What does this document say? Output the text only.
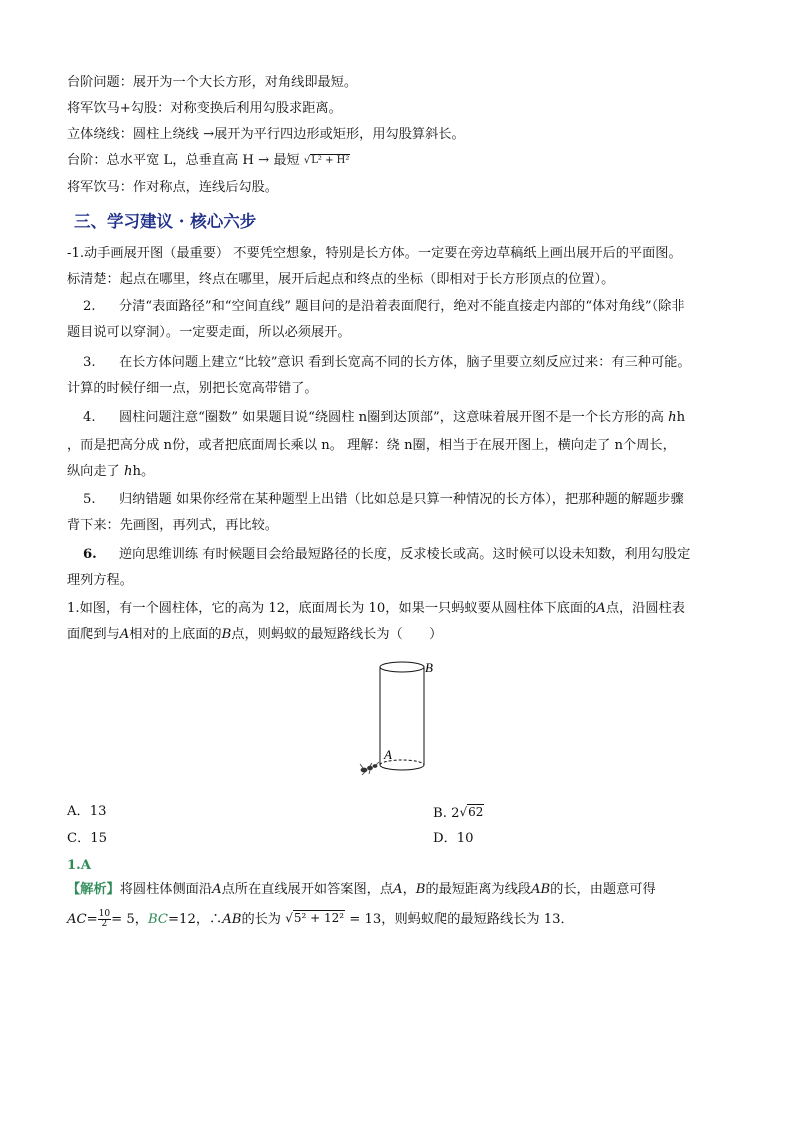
台阶问题：展开为一个大长方形，对角线即最短。
将军饮马+勾股：对称变换后利用勾股求距离。
立体绕线：圆柱上绕线 →展开为平行四边形或矩形，用勾股算斜长。
台阶：总水平宽 L，总垂直高 H → 最短 √L² + H²
将军饮马：作对称点，连线后勾股。
三、学习建议 · 核心六步
-1.动手画展开图（最重要） 不要凭空想象，特别是长方体。一定要在旁边草稿纸上画出展开后的平面图。
标清楚：起点在哪里，终点在哪里，展开后起点和终点的坐标（即相对于长方形顶点的位置）。
2. 分清“表面路径”和“空间直线” 题目问的是沿着表面爬行，绝对不能直接走内部的“体对角线”（除非
题目说可以穿洞）。一定要走面，所以必须展开。
3. 在长方体问题上建立“比较”意识 看到长宽高不同的长方体，脑子里要立刻反应过来：有三种可能。
计算的时候仔细一点，别把长宽高带错了。
4. 圆柱问题注意“圈数” 如果题目说“绕圆柱 n圈到达顶部”，这意味着展开图不是一个长方形的高 hh
，而是把高分成 n份，或者把底面周长乘以 n。 理解：绕 n圈，相当于在展开图上，横向走了 n个周长，
纵向走了 hh。
5. 归纳错题 如果你经常在某种题型上出错（比如总是只算一种情况的长方体），把那种题的解题步骤
背下来：先画图，再列式，再比较。
6. 逆向思维训练 有时候题目会给最短路径的长度，反求棱长或高。这时候可以设未知数，利用勾股定
理列方程。
1.如图，有一个圆柱体，它的高为 12，底面周长为 10，如果一只蚂蚁要从圆柱体下底面的A点，沿圆柱表
面爬到与A相对的上底面的B点，则蚂蚁的最短路线长为（　　）
B
A
A．13	B. 2√62
C．15	D．10
1.A
【解析】将圆柱体侧面沿A点所在直线展开如答案图，点A，B的最短距离为线段AB的长，由题意可得
$AC= \frac{10}{2} = 5$，BC=12，∴AB的长为 √5² + 12² = 13，则蚂蚁爬的最短路线长为 13．
